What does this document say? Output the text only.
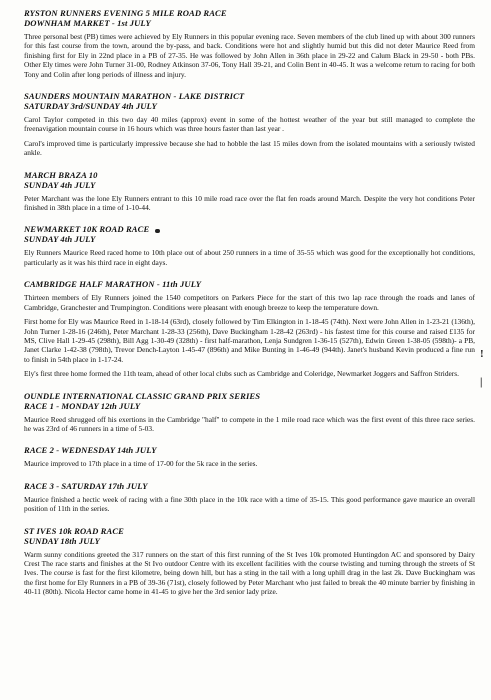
RYSTON RUNNERS EVENING 5 MILE ROAD RACE
DOWNHAM MARKET - 1st JULY

Three personal best (PB) times were achieved by Ely Runners in this popular evening race. Seven members of the club lined up with about 300 runners for this fast course from the town, around the by-pass, and back. Conditions were hot and slightly humid but this did not deter Maurice Reed from finishing first for Ely in 22nd place in a PB of 27-35. He was followed by John Allen in 36th place in 29-22 and Calum Black in 29-50 - both PBs. Other Ely times were John Turner 31-00, Rodney Atkinson 37-06, Tony Hall 39-21, and Colin Bent in 40-45. It was a welcome return to racing for both Tony and Colin after long periods of illness and injury.

SAUNDERS MOUNTAIN MARATHON - LAKE DISTRICT
SATURDAY 3rd/SUNDAY 4th JULY

Carol Taylor competed in this two day 40 miles (approx) event in some of the hottest weather of the year but still managed to complete the freenavigation mountain course in 16 hours which was three hours faster than last year .

Carol's improved time is particularly impressive because she had to hobble the last 15 miles down from the isolated mountains with a seriously twisted ankle.

MARCH BRAZA 10
SUNDAY 4th JULY

Peter Marchant was the lone Ely Runners entrant to this 10 mile road race over the flat fen roads around March. Despite the very hot conditions Peter finished in 38th place in a time of 1-10-44.

NEWMARKET 10K ROAD RACE
SUNDAY 4th JULY

Ely Runners Maurice Reed raced home to 10th place out of about 250 runners in a time of 35-55 which was good for the exceptionally hot conditions, particularly as it was his third race in eight days.

CAMBRIDGE HALF MARATHON - 11th JULY

Thirteen members of Ely Runners joined the 1540 competitors on Parkers Piece for the start of this two lap race through the roads and lanes of Cambridge, Granchester and Trumpington. Conditions were pleasant with enough breeze to keep the temperature down.

First home for Ely was Maurice Reed in 1-18-14 (63rd), closely followed by Tim Elkington in 1-18-45 (74th). Next were John Allen in 1-23-21 (136th), John Turner 1-28-16 (246th), Peter Marchant 1-28-33 (256th), Dave Buckingham 1-28-42 (263rd) - his fastest time for this course and raised £135 for MS, Clive Hall 1-29-45 (298th), Bill Agg 1-30-49 (328th) - first half-marathon, Lenja Sundgren 1-36-15 (527th), Edwin Green 1-38-05 (598th)- a PB, Janet Clarke 1-42-38 (798th), Trevor Dench-Layton 1-45-47 (896th) and Mike Bunting in 1-46-49 (944th). Janet's husband Kevin produced a fine run to finish in 54th place in 1-17-24.

Ely's first three home formed the 11th team, ahead of other local clubs such as Cambridge and Coleridge, Newmarket Joggers and Saffron Striders.

OUNDLE INTERNATIONAL CLASSIC GRAND PRIX SERIES
RACE 1 - MONDAY 12th JULY

Maurice Reed shrugged off his exertions in the Cambridge "half" to compete in the 1 mile road race which was the first event of this three race series. he was 23rd of 46 runners in a time of 5-03.

RACE 2 - WEDNESDAY 14th JULY

Maurice improved to 17th place in a time of 17-00 for the 5k race in the series.

RACE 3 - SATURDAY 17th JULY

Maurice finished a hectic week of racing with a fine 30th place in the 10k race with a time of 35-15. This good performance gave maurice an overall position of 11th in the series.

ST IVES 10k ROAD RACE
SUNDAY 18th JULY

Warm sunny conditions greeted the 317 runners on the start of this first running of the St Ives 10k promoted Huntingdon AC and sponsored by Dairy Crest The race starts and finishes at the St Ivo outdoor Centre with its excellent facilities with the course twisting and turning through the streets of St Ives. The course is fast for the first kilometre, being down hill, but has a sting in the tail with a long uphill drag in the last 2k. Dave Buckingham was the first home for Ely Runners in a PB of 39-36 (71st), closely followed by Peter Marchant who just failed to break the 40 minute barrier by finishing in 40-11 (80th). Nicola Hector came home in 41-45 to give her the 3rd senior lady prize.

!
|
